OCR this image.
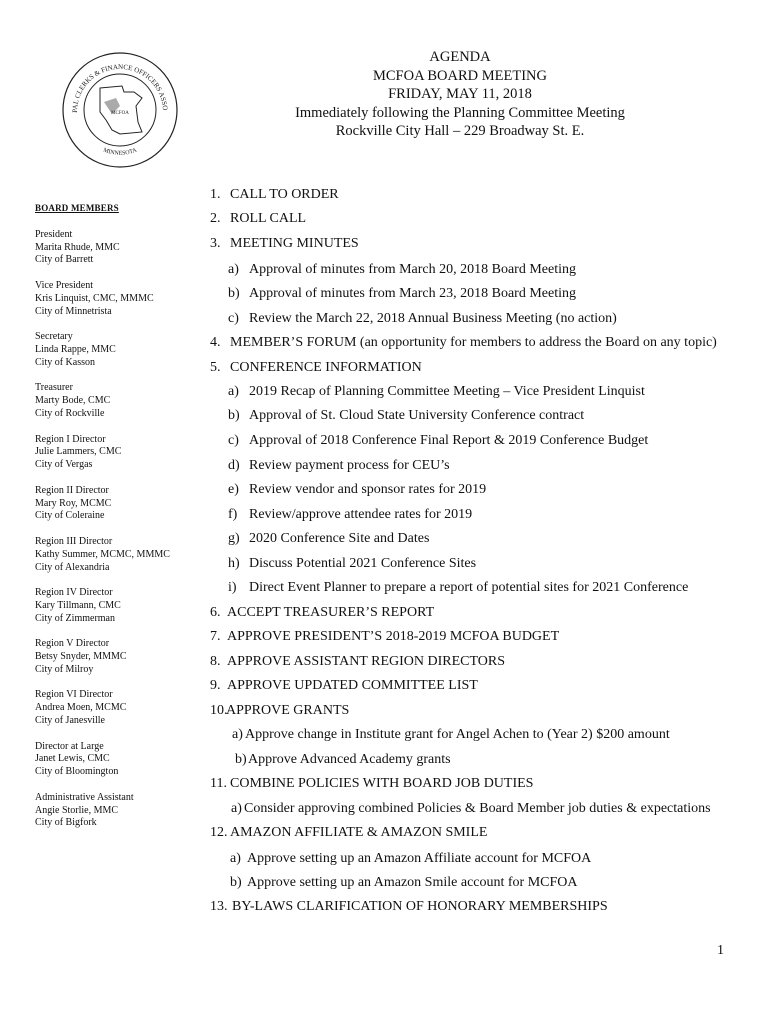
PAL CLERKS & FINANCE OFFICERS ASSO
MINNESOTA
MCFOA
AGENDA
MCFOA BOARD MEETING
FRIDAY, MAY 11, 2018
Immediately following the Planning Committee Meeting
Rockville City Hall – 229 Broadway St. E.
BOARD MEMBERS
President
Marita Rhude, MMC
City of Barrett
Vice President
Kris Linquist, CMC, MMMC
City of Minnetrista
Secretary
Linda Rappe, MMC
City of Kasson
Treasurer
Marty Bode, CMC
City of Rockville
Region I Director
Julie Lammers, CMC
City of Vergas
Region II Director
Mary Roy, MCMC
City of Coleraine
Region III Director
Kathy Summer, MCMC, MMMC
City of Alexandria
Region IV Director
Kary Tillmann, CMC
City of Zimmerman
Region V Director
Betsy Snyder, MMMC
City of Milroy
Region VI Director
Andrea Moen, MCMC
City of Janesville
Director at Large
Janet Lewis, CMC
City of Bloomington
Administrative Assistant
Angie Storlie, MMC
City of Bigfork
1. CALL TO ORDER
2. ROLL CALL
3. MEETING MINUTES
a) Approval of minutes from March 20, 2018 Board Meeting
b) Approval of minutes from March 23, 2018 Board Meeting
c) Review the March 22, 2018 Annual Business Meeting (no action)
4. MEMBER’S FORUM (an opportunity for members to address the Board on any topic)
5. CONFERENCE INFORMATION
a) 2019 Recap of Planning Committee Meeting – Vice President Linquist
b) Approval of St. Cloud State University Conference contract
c) Approval of 2018 Conference Final Report & 2019 Conference Budget
d) Review payment process for CEU’s
e) Review vendor and sponsor rates for 2019
f) Review/approve attendee rates for 2019
g) 2020 Conference Site and Dates
h) Discuss Potential 2021 Conference Sites
i) Direct Event Planner to prepare a report of potential sites for 2021 Conference
6. ACCEPT TREASURER’S REPORT
7. APPROVE PRESIDENT’S 2018-2019 MCFOA BUDGET
8. APPROVE ASSISTANT REGION DIRECTORS
9. APPROVE UPDATED COMMITTEE LIST
10.APPROVE GRANTS
a) Approve change in Institute grant for Angel Achen to (Year 2) $200 amount
b)Approve Advanced Academy grants
11. COMBINE POLICIES WITH BOARD JOB DUTIES
a) Consider approving combined Policies & Board Member job duties & expectations
12. AMAZON AFFILIATE & AMAZON SMILE
a) Approve setting up an Amazon Affiliate account for MCFOA
b) Approve setting up an Amazon Smile account for MCFOA
13. BY-LAWS CLARIFICATION OF HONORARY MEMBERSHIPS
1
